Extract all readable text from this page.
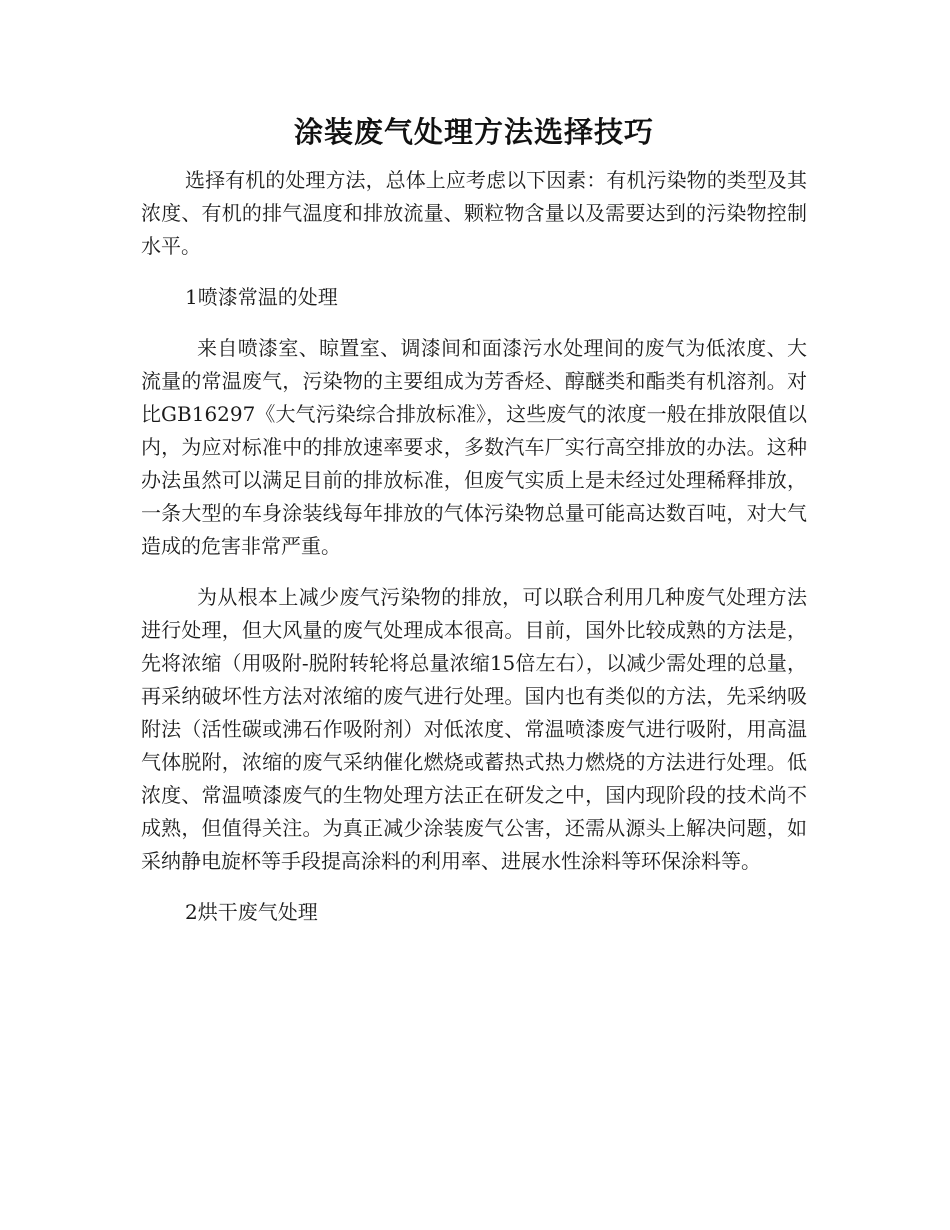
涂装废气处理方法选择技巧

选择有机的处理方法，总体上应考虑以下因素：有机污染物的类型及其浓度、有机的排气温度和排放流量、颗粒物含量以及需要达到的污染物控制水平。

1喷漆常温的处理

来自喷漆室、晾置室、调漆间和面漆污水处理间的废气为低浓度、大流量的常温废气，污染物的主要组成为芳香烃、醇醚类和酯类有机溶剂。对比GB16297《大气污染综合排放标准》，这些废气的浓度一般在排放限值以内，为应对标准中的排放速率要求，多数汽车厂实行高空排放的办法。这种办法虽然可以满足目前的排放标准，但废气实质上是未经过处理稀释排放，一条大型的车身涂装线每年排放的气体污染物总量可能高达数百吨，对大气造成的危害非常严重。

为从根本上减少废气污染物的排放，可以联合利用几种废气处理方法进行处理，但大风量的废气处理成本很高。目前，国外比较成熟的方法是，先将浓缩（用吸附-脱附转轮将总量浓缩15倍左右），以减少需处理的总量，再采纳破坏性方法对浓缩的废气进行处理。国内也有类似的方法，先采纳吸附法（活性碳或沸石作吸附剂）对低浓度、常温喷漆废气进行吸附，用高温气体脱附，浓缩的废气采纳催化燃烧或蓄热式热力燃烧的方法进行处理。低浓度、常温喷漆废气的生物处理方法正在研发之中，国内现阶段的技术尚不成熟，但值得关注。为真正减少涂装废气公害，还需从源头上解决问题，如采纳静电旋杯等手段提高涂料的利用率、进展水性涂料等环保涂料等。

2烘干废气处理
